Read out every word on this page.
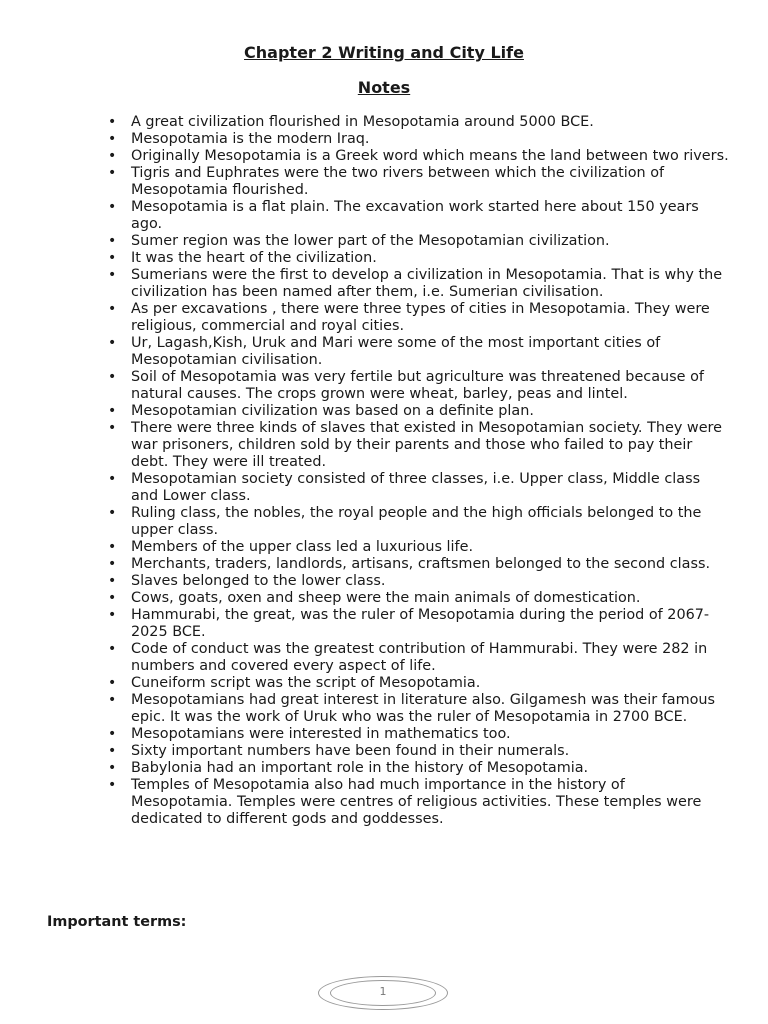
Chapter 2 Writing and City Life
Notes
• A great civilization flourished in Mesopotamia around 5000 BCE.
• Mesopotamia is the modern Iraq.
• Originally Mesopotamia is a Greek word which means the land between two rivers.
• Tigris and Euphrates were the two rivers between which the civilization of Mesopotamia flourished.
• Mesopotamia is a flat plain. The excavation work started here about 150 years ago.
• Sumer region was the lower part of the Mesopotamian civilization.
• It was the heart of the civilization.
• Sumerians were the first to develop a civilization in Mesopotamia. That is why the civilization has been named after them, i.e. Sumerian civilisation.
• As per excavations , there were three types of cities in Mesopotamia. They were religious, commercial and royal cities.
• Ur, Lagash,Kish, Uruk and Mari were some of the most important cities of Mesopotamian civilisation.
• Soil of Mesopotamia was very fertile but agriculture was threatened because of natural causes. The crops grown were wheat, barley, peas and lintel.
• Mesopotamian civilization was based on a definite plan.
• There were three kinds of slaves that existed in Mesopotamian society. They were war prisoners, children sold by their parents and those who failed to pay their debt. They were ill treated.
• Mesopotamian society consisted of three classes, i.e. Upper class, Middle class and Lower class.
• Ruling class, the nobles, the royal people and the high officials belonged to the upper class.
• Members of the upper class led a luxurious life.
• Merchants, traders, landlords, artisans, craftsmen belonged to the second class.
• Slaves belonged to the lower class.
• Cows, goats, oxen and sheep were the main animals of domestication.
• Hammurabi, the great, was the ruler of Mesopotamia during the period of 2067-2025 BCE.
• Code of conduct was the greatest contribution of Hammurabi. They were 282 in numbers and covered every aspect of life.
• Cuneiform script was the script of Mesopotamia.
• Mesopotamians had great interest in literature also. Gilgamesh was their famous epic. It was the work of Uruk who was the ruler of Mesopotamia in 2700 BCE.
• Mesopotamians were interested in mathematics too.
• Sixty important numbers have been found in their numerals.
• Babylonia had an important role in the history of Mesopotamia.
• Temples of Mesopotamia also had much importance in the history of Mesopotamia. Temples were centres of religious activities. These temples were dedicated to different gods and goddesses.
Important terms:
1
